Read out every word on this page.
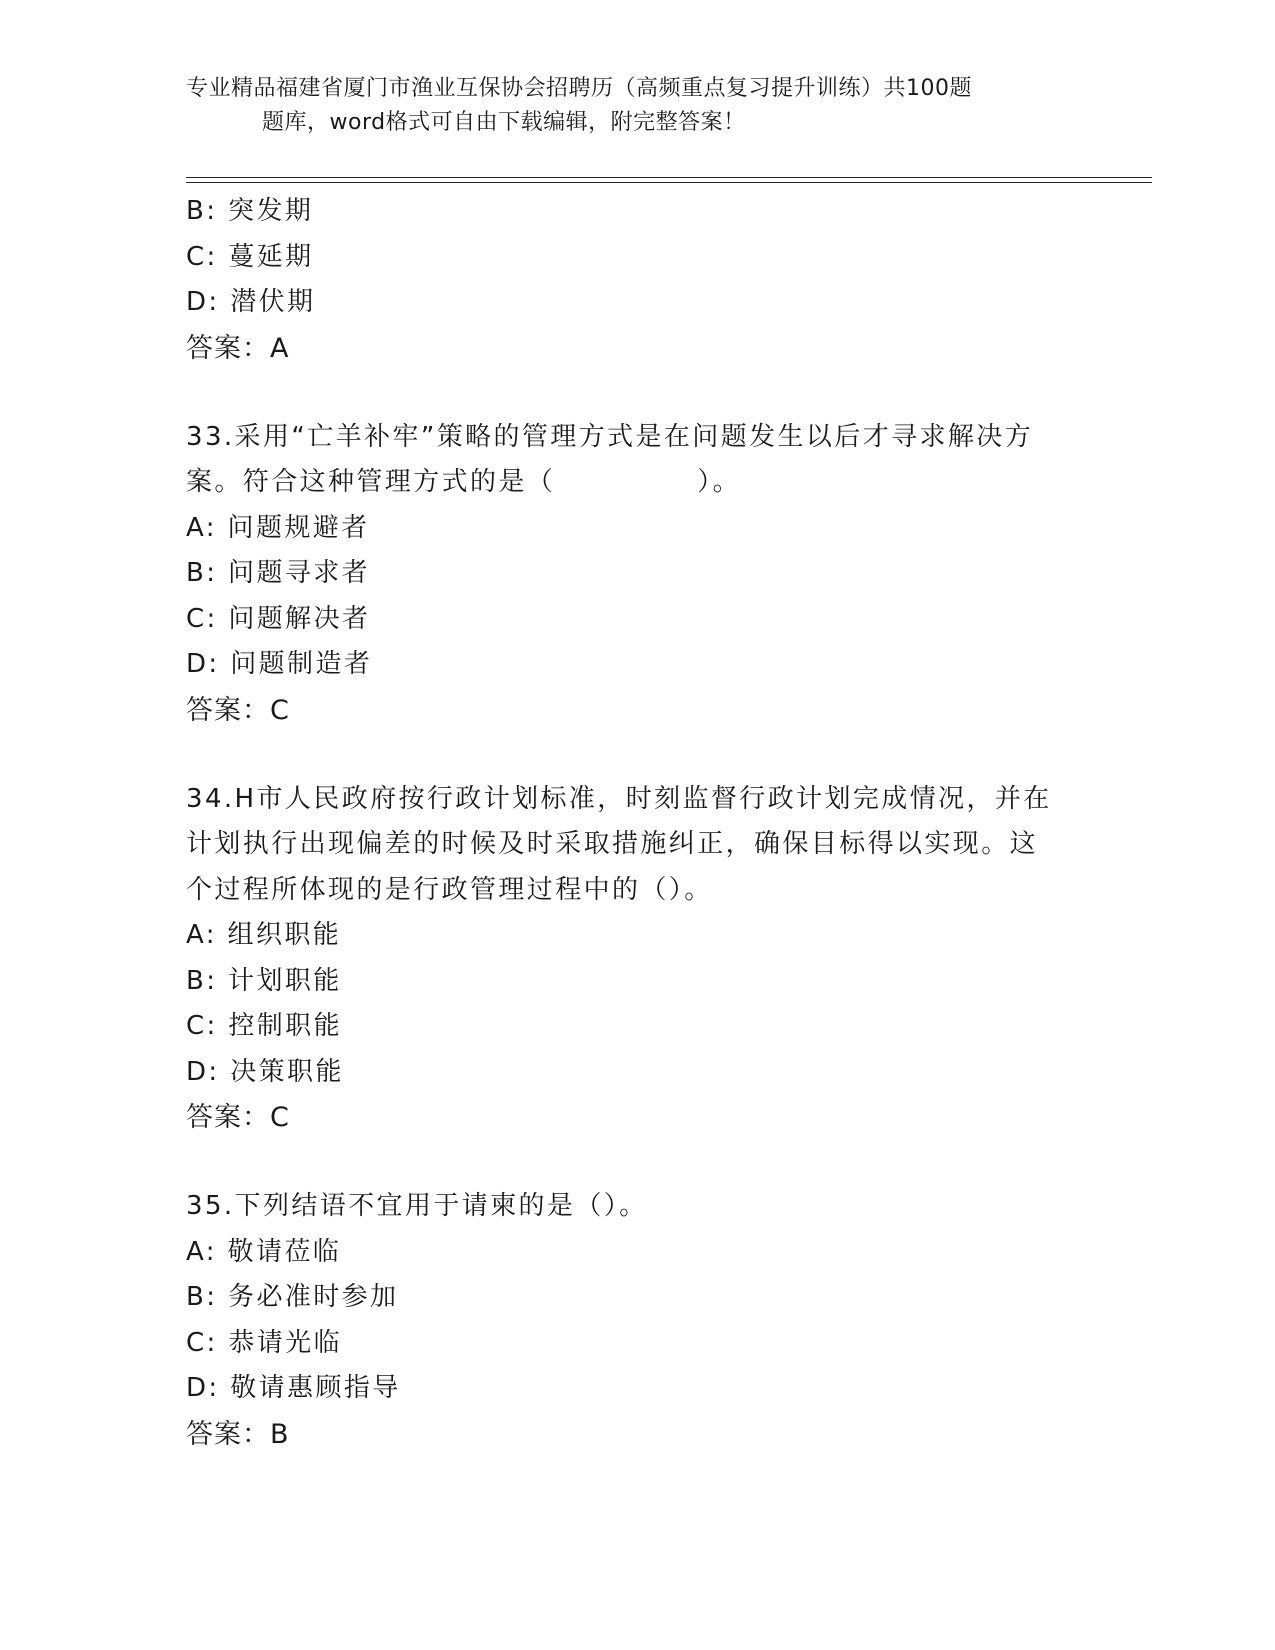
专业精品福建省厦门市渔业互保协会招聘历（高频重点复习提升训练）共100题
题库，word格式可自由下载编辑，附完整答案！
B: 突发期
C: 蔓延期
D: 潜伏期
答案：A
33.采用“亡羊补牢”策略的管理方式是在问题发生以后才寻求解决方
案。符合这种管理方式的是（　　　　　）。
A: 问题规避者
B: 问题寻求者
C: 问题解决者
D: 问题制造者
答案：C
34.H市人民政府按行政计划标准，时刻监督行政计划完成情况，并在
计划执行出现偏差的时候及时采取措施纠正，确保目标得以实现。这
个过程所体现的是行政管理过程中的（）。
A: 组织职能
B: 计划职能
C: 控制职能
D: 决策职能
答案：C
35.下列结语不宜用于请柬的是（）。
A: 敬请莅临
B: 务必准时参加
C: 恭请光临
D: 敬请惠顾指导
答案：B
